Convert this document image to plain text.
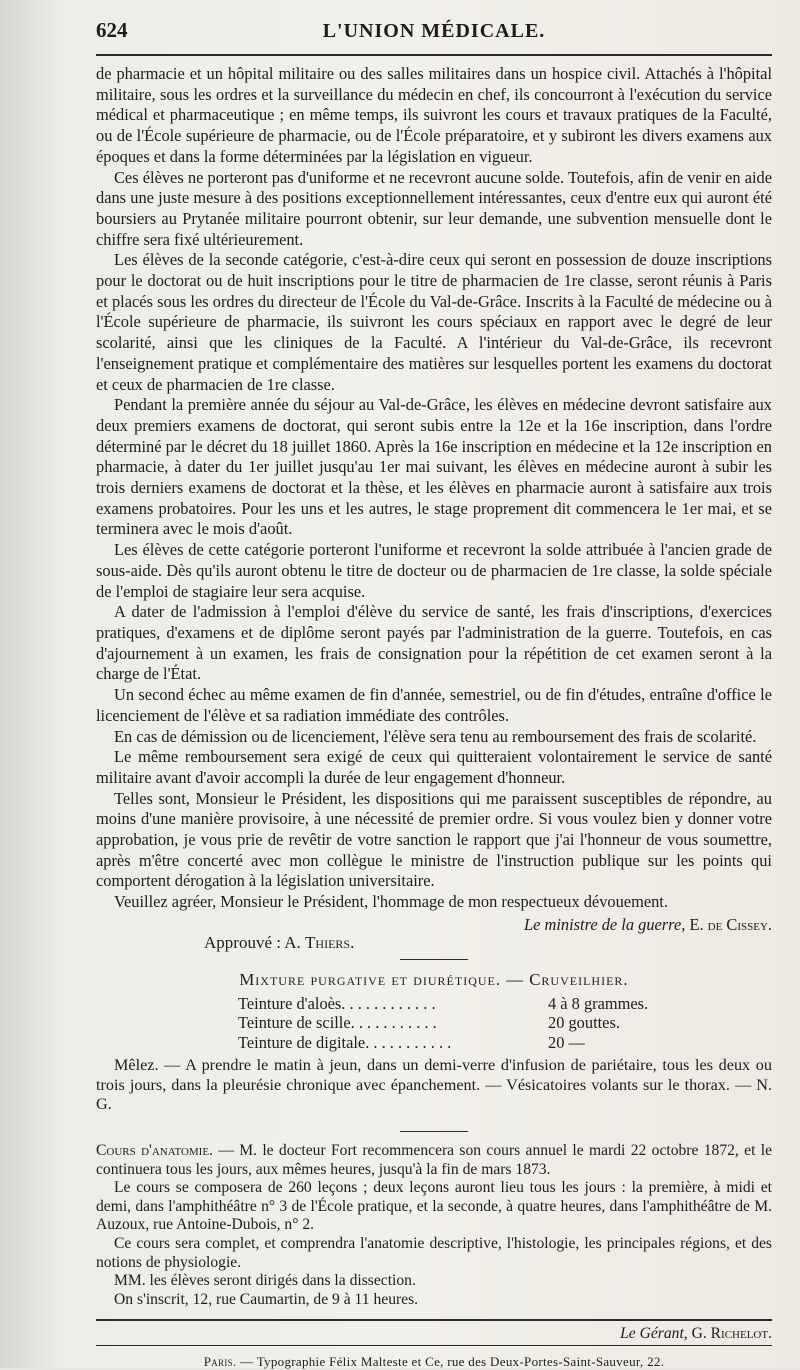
624	L'UNION MÉDICALE.

de pharmacie et un hôpital militaire ou des salles militaires dans un hospice civil. Attachés à l'hôpital militaire, sous les ordres et la surveillance du médecin en chef, ils concourront à l'exécution du service médical et pharmaceutique ; en même temps, ils suivront les cours et travaux pratiques de la Faculté, ou de l'École supérieure de pharmacie, ou de l'École préparatoire, et y subiront les divers examens aux époques et dans la forme déterminées par la législation en vigueur.

Ces élèves ne porteront pas d'uniforme et ne recevront aucune solde. Toutefois, afin de venir en aide dans une juste mesure à des positions exceptionnellement intéressantes, ceux d'entre eux qui auront été boursiers au Prytanée militaire pourront obtenir, sur leur demande, une subvention mensuelle dont le chiffre sera fixé ultérieurement.

Les élèves de la seconde catégorie, c'est-à-dire ceux qui seront en possession de douze inscriptions pour le doctorat ou de huit inscriptions pour le titre de pharmacien de 1re classe, seront réunis à Paris et placés sous les ordres du directeur de l'École du Val-de-Grâce. Inscrits à la Faculté de médecine ou à l'École supérieure de pharmacie, ils suivront les cours spéciaux en rapport avec le degré de leur scolarité, ainsi que les cliniques de la Faculté. A l'intérieur du Val-de-Grâce, ils recevront l'enseignement pratique et complémentaire des matières sur lesquelles portent les examens du doctorat et ceux de pharmacien de 1re classe.

Pendant la première année du séjour au Val-de-Grâce, les élèves en médecine devront satisfaire aux deux premiers examens de doctorat, qui seront subis entre la 12e et la 16e inscription, dans l'ordre déterminé par le décret du 18 juillet 1860. Après la 16e inscription en médecine et la 12e inscription en pharmacie, à dater du 1er juillet jusqu'au 1er mai suivant, les élèves en médecine auront à subir les trois derniers examens de doctorat et la thèse, et les élèves en pharmacie auront à satisfaire aux trois examens probatoires. Pour les uns et les autres, le stage proprement dit commencera le 1er mai, et se terminera avec le mois d'août.

Les élèves de cette catégorie porteront l'uniforme et recevront la solde attribuée à l'ancien grade de sous-aide. Dès qu'ils auront obtenu le titre de docteur ou de pharmacien de 1re classe, la solde spéciale de l'emploi de stagiaire leur sera acquise.

A dater de l'admission à l'emploi d'élève du service de santé, les frais d'inscriptions, d'exercices pratiques, d'examens et de diplôme seront payés par l'administration de la guerre. Toutefois, en cas d'ajournement à un examen, les frais de consignation pour la répétition de cet examen seront à la charge de l'État.

Un second échec au même examen de fin d'année, semestriel, ou de fin d'études, entraîne d'office le licenciement de l'élève et sa radiation immédiate des contrôles.

En cas de démission ou de licenciement, l'élève sera tenu au remboursement des frais de scolarité.

Le même remboursement sera exigé de ceux qui quitteraient volontairement le service de santé militaire avant d'avoir accompli la durée de leur engagement d'honneur.

Telles sont, Monsieur le Président, les dispositions qui me paraissent susceptibles de répondre, au moins d'une manière provisoire, à une nécessité de premier ordre. Si vous voulez bien y donner votre approbation, je vous prie de revêtir de votre sanction le rapport que j'ai l'honneur de vous soumettre, après m'être concerté avec mon collègue le ministre de l'instruction publique sur les points qui comportent dérogation à la législation universitaire.

Veuillez agréer, Monsieur le Président, l'hommage de mon respectueux dévouement.

Le ministre de la guerre, E. de Cissey.
Approuvé : A. Thiers.
Mixture purgative et diurétique. — Cruveilhier.
Teinture d'aloès. . . . . . . . . . . .	4 à 8 grammes.
Teinture de scille. . . . . . . . . . .	20 gouttes.
Teinture de digitale. . . . . . . . . . .	20 —

Mêlez. — A prendre le matin à jeun, dans un demi-verre d'infusion de pariétaire, tous les deux ou trois jours, dans la pleurésie chronique avec épanchement. — Vésicatoires volants sur le thorax. — N. G.

Cours d'anatomie. — M. le docteur Fort recommencera son cours annuel le mardi 22 octobre 1872, et le continuera tous les jours, aux mêmes heures, jusqu'à la fin de mars 1873.

Le cours se composera de 260 leçons ; deux leçons auront lieu tous les jours : la première, à midi et demi, dans l'amphithéâtre n° 3 de l'École pratique, et la seconde, à quatre heures, dans l'amphithéâtre de M. Auzoux, rue Antoine-Dubois, n° 2.

Ce cours sera complet, et comprendra l'anatomie descriptive, l'histologie, les principales régions, et des notions de physiologie.

MM. les élèves seront dirigés dans la dissection.

On s'inscrit, 12, rue Caumartin, de 9 à 11 heures.

Le Gérant, G. Richelot.
Paris. — Typographie Félix Malteste et Ce, rue des Deux-Portes-Saint-Sauveur, 22.
